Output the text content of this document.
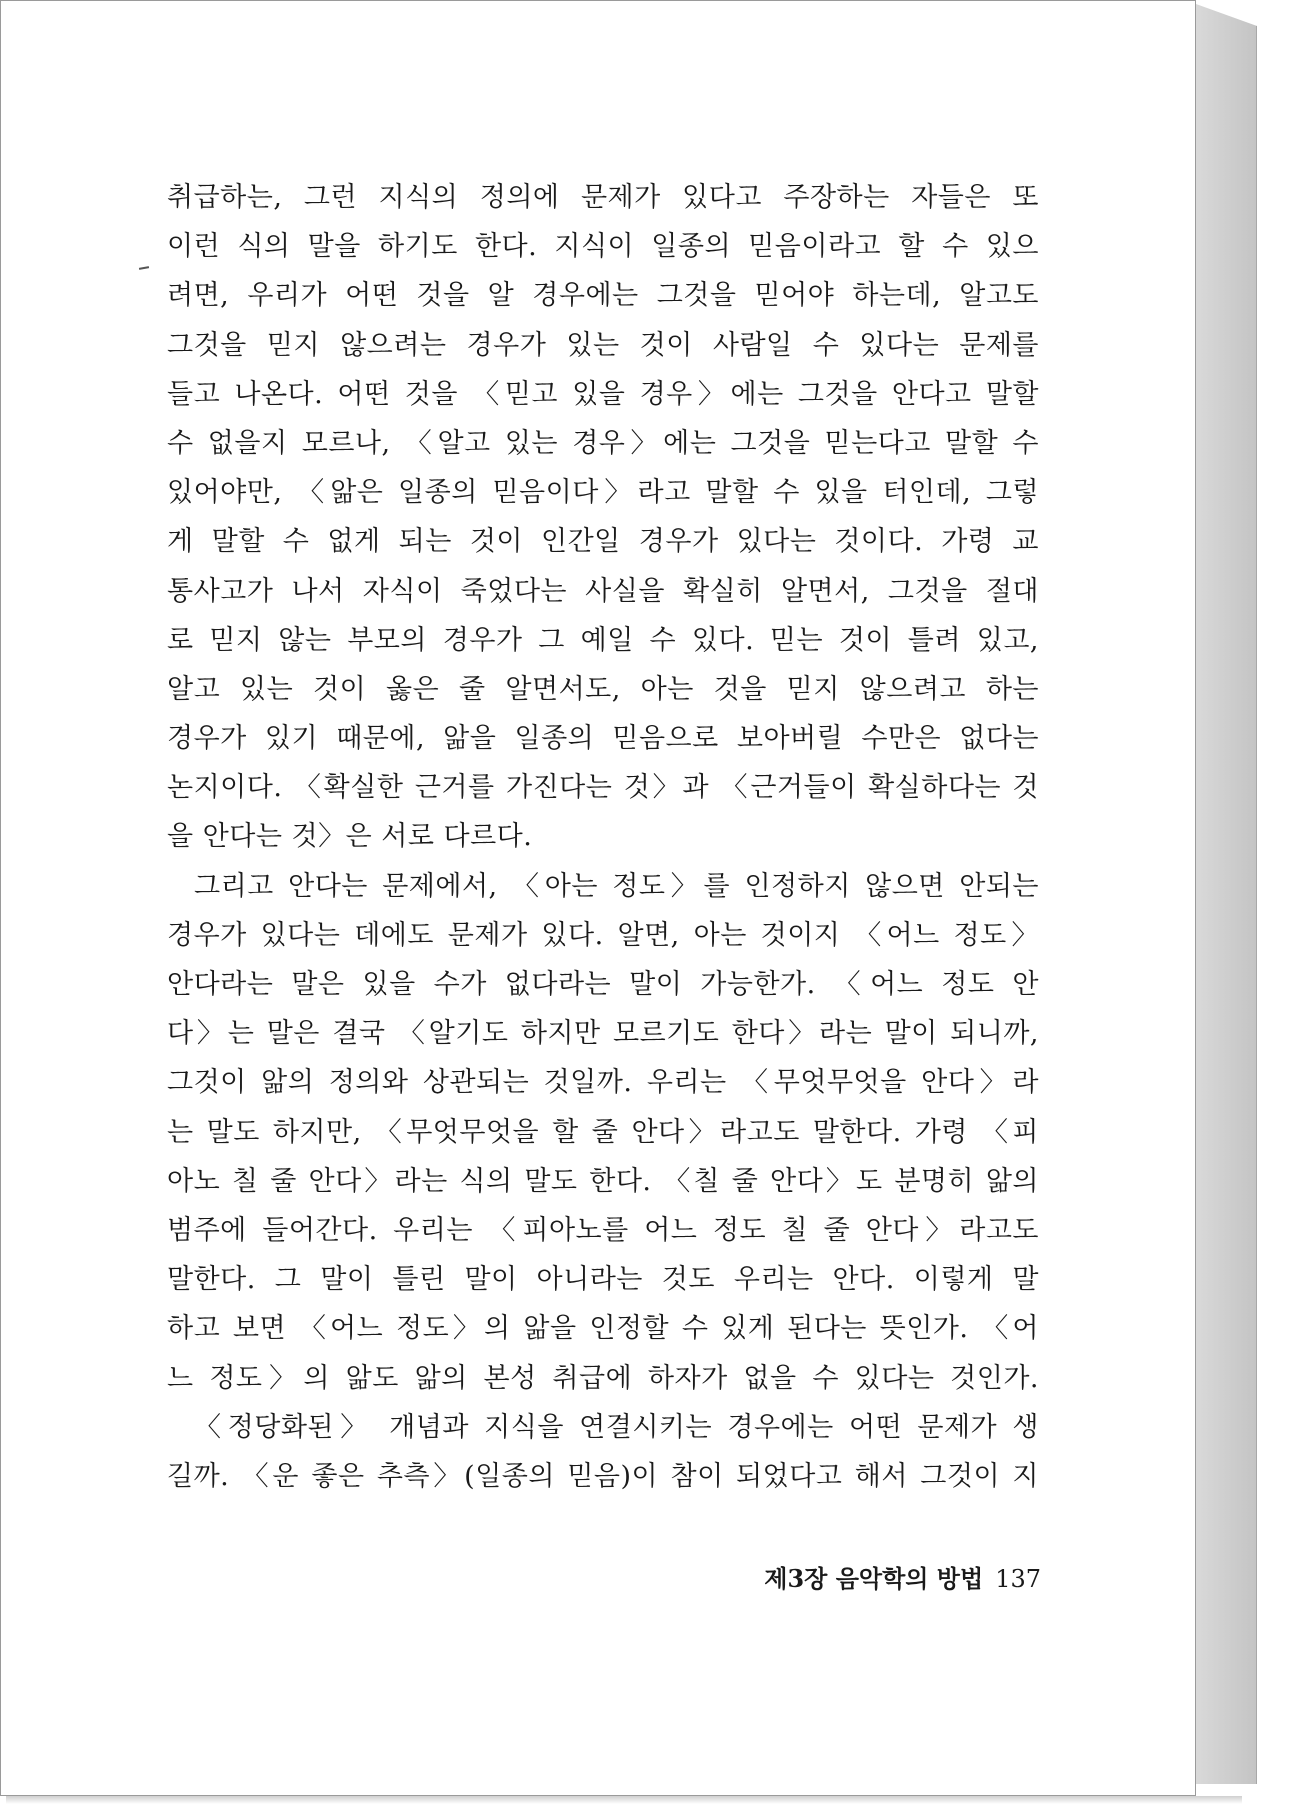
취급하는, 그런 지식의 정의에 문제가 있다고 주장하는 자들은 또
이런 식의 말을 하기도 한다. 지식이 일종의 믿음이라고 할 수 있으
려면, 우리가 어떤 것을 알 경우에는 그것을 믿어야 하는데, 알고도
그것을 믿지 않으려는 경우가 있는 것이 사람일 수 있다는 문제를
들고 나온다. 어떤 것을 〈믿고 있을 경우〉에는 그것을 안다고 말할
수 없을지 모르나, 〈알고 있는 경우〉에는 그것을 믿는다고 말할 수
있어야만, 〈앎은 일종의 믿음이다〉라고 말할 수 있을 터인데, 그렇
게 말할 수 없게 되는 것이 인간일 경우가 있다는 것이다. 가령 교
통사고가 나서 자식이 죽었다는 사실을 확실히 알면서, 그것을 절대
로 믿지 않는 부모의 경우가 그 예일 수 있다. 믿는 것이 틀려 있고,
알고 있는 것이 옳은 줄 알면서도, 아는 것을 믿지 않으려고 하는
경우가 있기 때문에, 앎을 일종의 믿음으로 보아버릴 수만은 없다는
논지이다. 〈확실한 근거를 가진다는 것〉과 〈근거들이 확실하다는 것
을 안다는 것〉은 서로 다르다.
그리고 안다는 문제에서, 〈아는 정도〉를 인정하지 않으면 안되는
경우가 있다는 데에도 문제가 있다. 알면, 아는 것이지 〈어느 정도〉
안다라는 말은 있을 수가 없다라는 말이 가능한가. 〈어느 정도 안
다〉는 말은 결국 〈알기도 하지만 모르기도 한다〉라는 말이 되니까,
그것이 앎의 정의와 상관되는 것일까. 우리는 〈무엇무엇을 안다〉라
는 말도 하지만, 〈무엇무엇을 할 줄 안다〉라고도 말한다. 가령 〈피
아노 칠 줄 안다〉라는 식의 말도 한다. 〈칠 줄 안다〉도 분명히 앎의
범주에 들어간다. 우리는 〈피아노를 어느 정도 칠 줄 안다〉라고도
말한다. 그 말이 틀린 말이 아니라는 것도 우리는 안다. 이렇게 말
하고 보면 〈어느 정도〉의 앎을 인정할 수 있게 된다는 뜻인가. 〈어
느 정도〉의 앎도 앎의 본성 취급에 하자가 없을 수 있다는 것인가.
〈정당화된〉 개념과 지식을 연결시키는 경우에는 어떤 문제가 생
길까. 〈운 좋은 추측〉(일종의 믿음)이 참이 되었다고 해서 그것이 지
제3장 음악학의 방법 137
